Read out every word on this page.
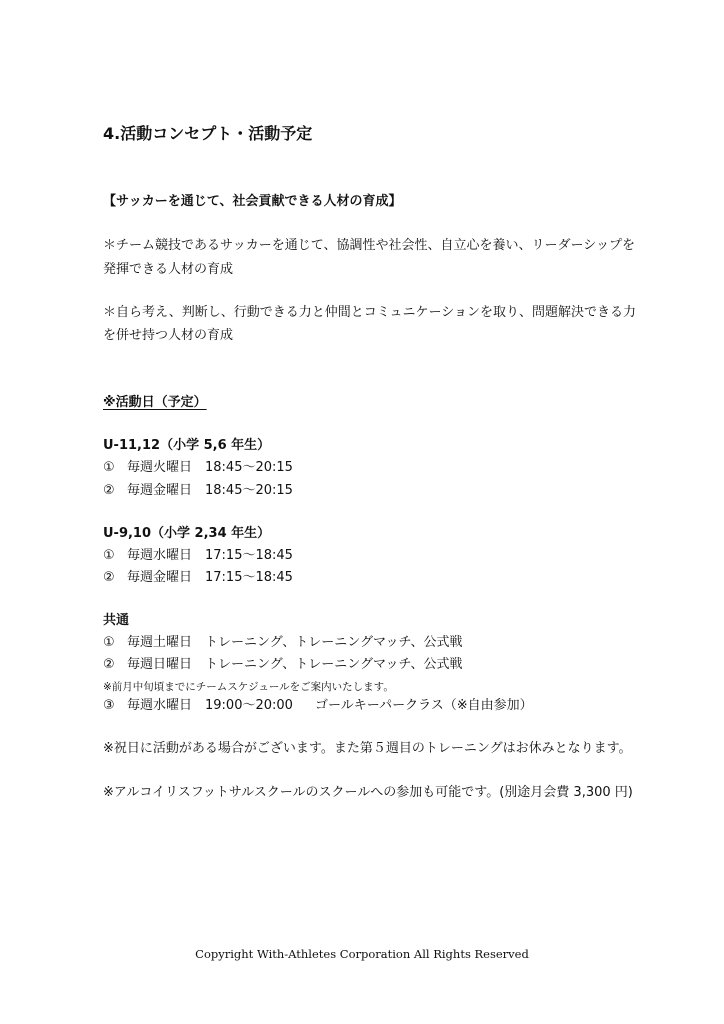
4.活動コンセプト・活動予定
【サッカーを通じて、社会貢献できる人材の育成】
＊チーム競技であるサッカーを通じて、協調性や社会性、自立心を養い、リーダーシップを
発揮できる人材の育成
＊自ら考え、判断し、行動できる力と仲間とコミュニケーションを取り、問題解決できる力
を併せ持つ人材の育成
※活動日（予定）
U-11,12（小学 5,6 年生）
① 毎週火曜日 18:45～20:15
② 毎週金曜日 18:45～20:15
U-9,10（小学 2,34 年生）
① 毎週水曜日 17:15～18:45
② 毎週金曜日 17:15～18:45
共通
① 毎週土曜日 トレーニング、トレーニングマッチ、公式戦
② 毎週日曜日 トレーニング、トレーニングマッチ、公式戦
※前月中旬頃までにチームスケジュールをご案内いたします。
③ 毎週水曜日 19:00～20:00 ゴールキーパークラス（※自由参加）
※祝日に活動がある場合がございます。また第５週目のトレーニングはお休みとなります。
※アルコイリスフットサルスクールのスクールへの参加も可能です。(別途月会費 3,300 円)
Copyright With-Athletes Corporation All Rights Reserved
